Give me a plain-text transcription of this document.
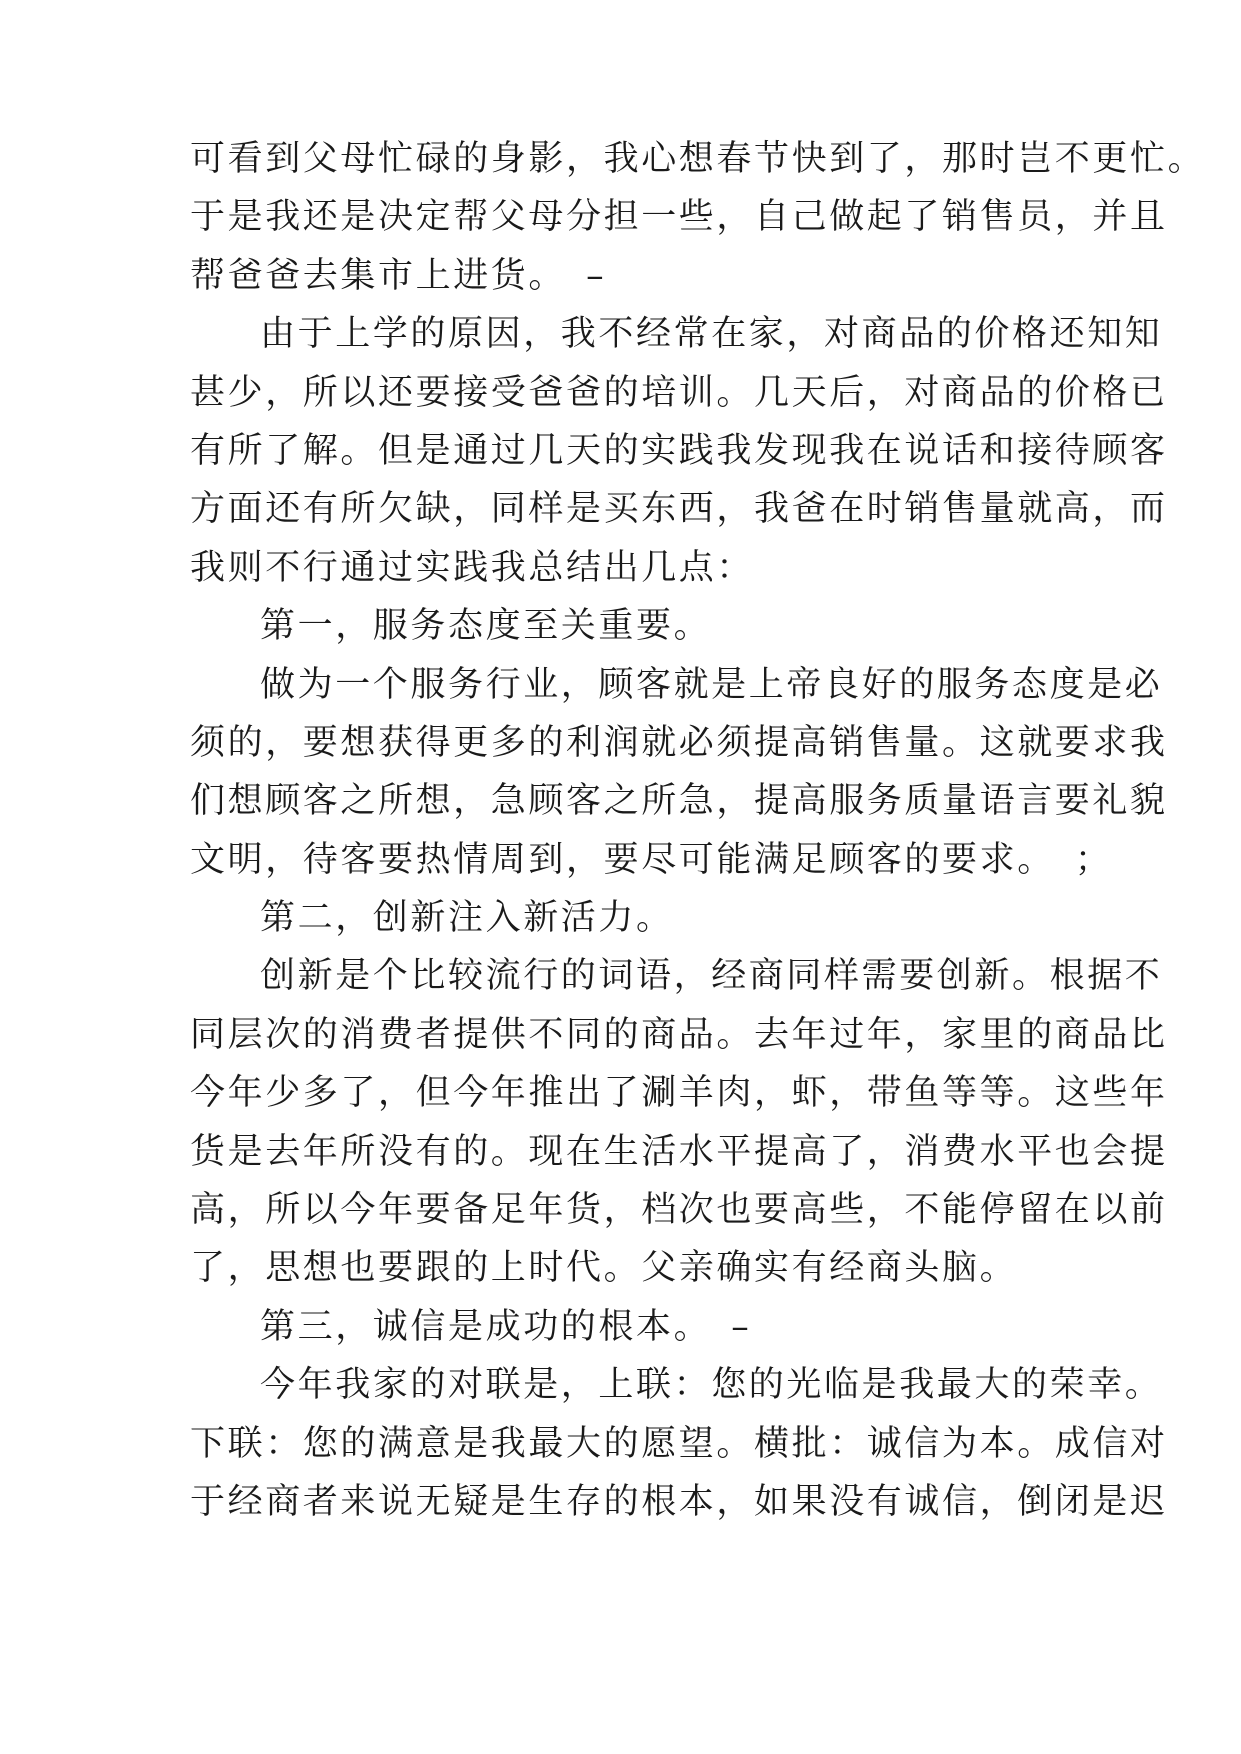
可看到父母忙碌的身影，我心想春节快到了，那时岂不更忙。
于是我还是决定帮父母分担一些，自己做起了销售员，并且
帮爸爸去集市上进货。　–
由于上学的原因，我不经常在家，对商品的价格还知知
甚少，所以还要接受爸爸的培训。几天后，对商品的价格已
有所了解。但是通过几天的实践我发现我在说话和接待顾客
方面还有所欠缺，同样是买东西，我爸在时销售量就高，而
我则不行通过实践我总结出几点：
第一，服务态度至关重要。
做为一个服务行业，顾客就是上帝良好的服务态度是必
须的，要想获得更多的利润就必须提高销售量。这就要求我
们想顾客之所想，急顾客之所急，提高服务质量语言要礼貌
文明，待客要热情周到，要尽可能满足顾客的要求。　；
第二，创新注入新活力。
创新是个比较流行的词语，经商同样需要创新。根据不
同层次的消费者提供不同的商品。去年过年，家里的商品比
今年少多了，但今年推出了涮羊肉，虾，带鱼等等。这些年
货是去年所没有的。现在生活水平提高了，消费水平也会提
高，所以今年要备足年货，档次也要高些，不能停留在以前
了，思想也要跟的上时代。父亲确实有经商头脑。
第三，诚信是成功的根本。　–
今年我家的对联是，上联：您的光临是我最大的荣幸。
下联：您的满意是我最大的愿望。横批：诚信为本。成信对
于经商者来说无疑是生存的根本，如果没有诚信，倒闭是迟
